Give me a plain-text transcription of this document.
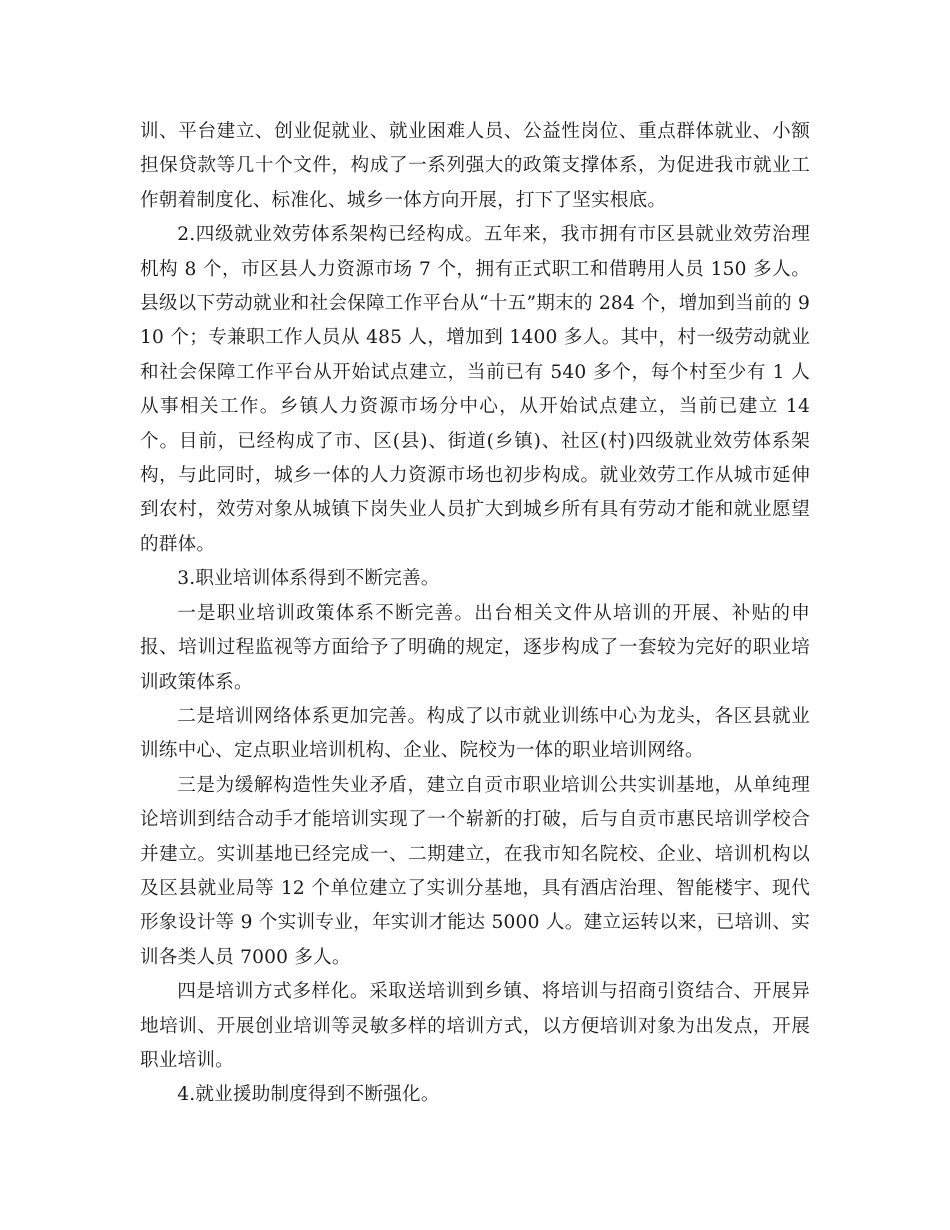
训、平台建立、创业促就业、就业困难人员、公益性岗位、重点群体就业、小额担保贷款等几十个文件，构成了一系列强大的政策支撑体系，为促进我市就业工作朝着制度化、标准化、城乡一体方向开展，打下了坚实根底。

2.四级就业效劳体系架构已经构成。五年来，我市拥有市区县就业效劳治理机构 8 个，市区县人力资源市场 7 个，拥有正式职工和借聘用人员 150 多人。县级以下劳动就业和社会保障工作平台从“十五”期末的 284 个，增加到当前的 910 个；专兼职工作人员从 485 人，增加到 1400 多人。其中，村一级劳动就业和社会保障工作平台从开始试点建立，当前已有 540 多个，每个村至少有 1 人从事相关工作。乡镇人力资源市场分中心，从开始试点建立，当前已建立 14 个。目前，已经构成了市、区(县)、街道(乡镇)、社区(村)四级就业效劳体系架构，与此同时，城乡一体的人力资源市场也初步构成。就业效劳工作从城市延伸到农村，效劳对象从城镇下岗失业人员扩大到城乡所有具有劳动才能和就业愿望的群体。

3.职业培训体系得到不断完善。

一是职业培训政策体系不断完善。出台相关文件从培训的开展、补贴的申报、培训过程监视等方面给予了明确的规定，逐步构成了一套较为完好的职业培训政策体系。

二是培训网络体系更加完善。构成了以市就业训练中心为龙头，各区县就业训练中心、定点职业培训机构、企业、院校为一体的职业培训网络。

三是为缓解构造性失业矛盾，建立自贡市职业培训公共实训基地，从单纯理论培训到结合动手才能培训实现了一个崭新的打破，后与自贡市惠民培训学校合并建立。实训基地已经完成一、二期建立，在我市知名院校、企业、培训机构以及区县就业局等 12 个单位建立了实训分基地，具有酒店治理、智能楼宇、现代形象设计等 9 个实训专业，年实训才能达 5000 人。建立运转以来，已培训、实训各类人员 7000 多人。

四是培训方式多样化。采取送培训到乡镇、将培训与招商引资结合、开展异地培训、开展创业培训等灵敏多样的培训方式，以方便培训对象为出发点，开展职业培训。

4.就业援助制度得到不断强化。
